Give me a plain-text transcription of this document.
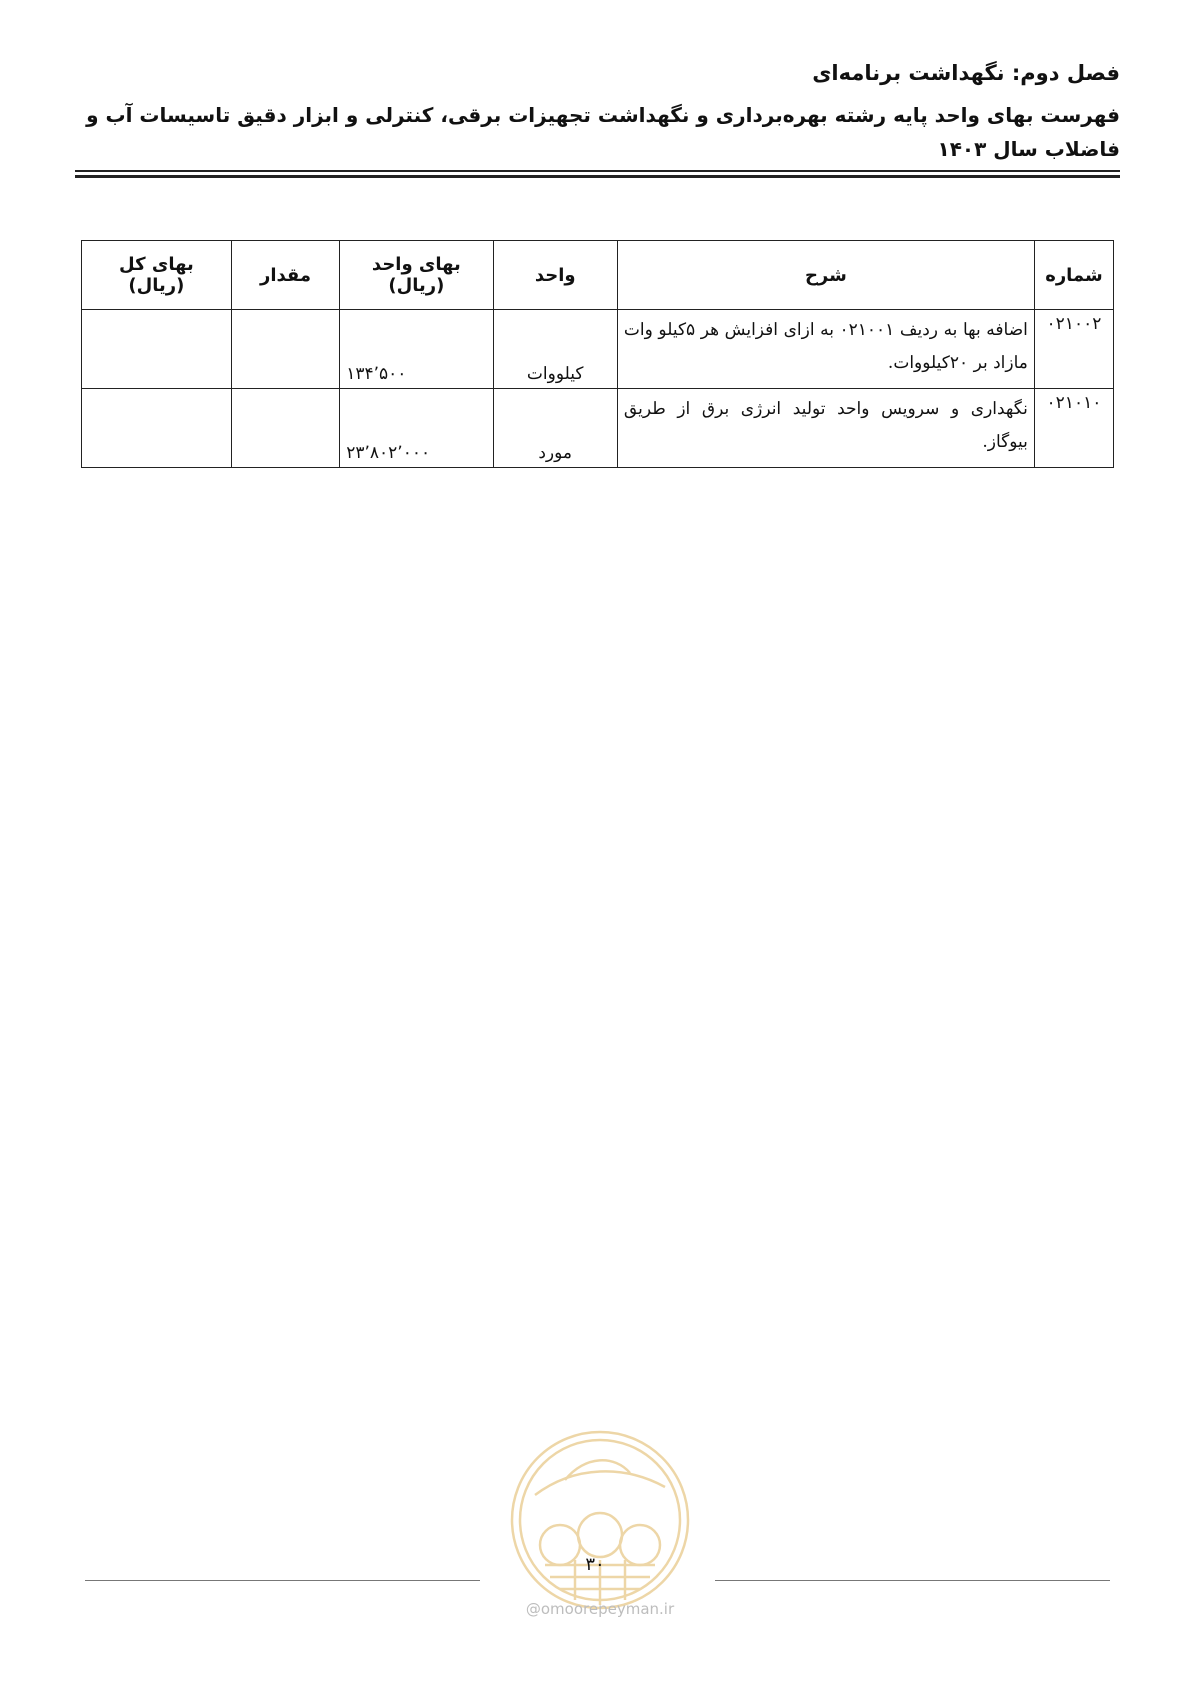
فصل دوم: نگهداشت برنامه‌ای
فهرست بهای واحد پایه رشته بهره‌برداری و نگهداشت تجهیزات برقی، کنترلی و ابزار دقیق تاسیسات آب و فاضلاب سال ۱۴۰۳
شماره	شرح	واحد	بهای واحد (ریال)	مقدار	بهای کل (ریال)
۰۲۱۰۰۲	اضافه بها به ردیف ۰۲۱۰۰۱ به ازای افزایش هر ۵کیلو وات مازاد بر ۲۰کیلووات.	کیلووات	۱۳۴٬۵۰۰		
۰۲۱۰۱۰	نگهداری و سرویس واحد تولید انرژی برق از طریق بیوگاز.	مورد	۲۳٬۸۰۲٬۰۰۰		
۳۰
@omoorepeyman.ir
